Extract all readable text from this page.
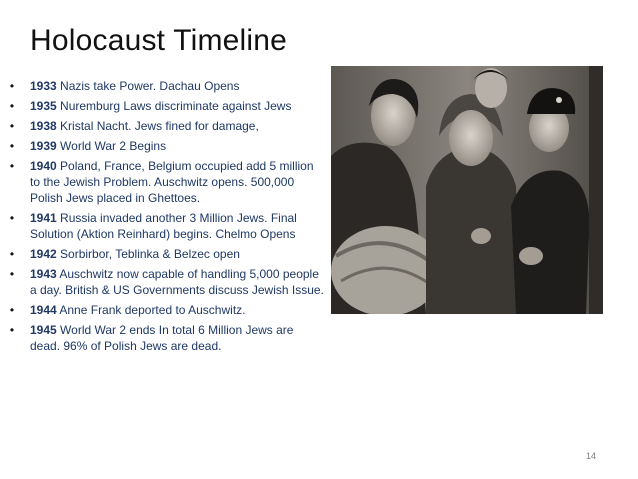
Holocaust Timeline
•	1933 Nazis take Power. Dachau Opens
•	1935 Nuremburg Laws discriminate against Jews
•	1938 Kristal Nacht. Jews fined for damage,
•	1939 World War 2 Begins
•	1940 Poland, France, Belgium occupied add 5 million to the Jewish Problem. Auschwitz opens. 500,000 Polish Jews placed in Ghettoes.
•	1941 Russia invaded another 3 Million Jews. Final Solution (Aktion Reinhard) begins. Chelmo Opens
•	1942 Sorbirbor, Teblinka & Belzec open
•	1943 Auschwitz now capable of handling 5,000 people a day. British & US Governments discuss Jewish Issue.
•	1944 Anne Frank deported to Auschwitz.
•	1945 World War 2 ends In total 6 Million Jews are dead. 96% of Polish Jews are dead.
14
